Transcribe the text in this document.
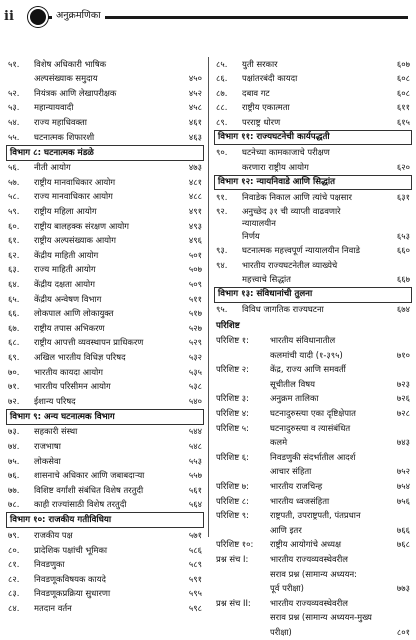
ii	अनुक्रमणिका
५१.	विशेष अधिकारी भाषिक
अल्पसंख्याक समुदाय	४५०
५२.	नियंत्रक आणि लेखापरीक्षक	४५२
५३.	महान्यायवादी	४५८
५४.	राज्य महाधिवक्ता	४६१
५५.	घटनात्मक शिफारशी	४६३
विभाग ८: घटनात्मक मंडळे
५६.	नीती आयोग	४७३
५७.	राष्ट्रीय मानवाधिकार आयोग	४८१
५८.	राज्य मानवाधिकार आयोग	४८८
५९.	राष्ट्रीय महिला आयोग	४९१
६०.	राष्ट्रीय बालहक्क संरक्षण आयोग	४९३
६१.	राष्ट्रीय अल्पसंख्याक आयोग	४९६
६२.	केंद्रीय माहिती आयोग	५०१
६३.	राज्य माहिती आयोग	५०७
६४.	केंद्रीय दक्षता आयोग	५०९
६५.	केंद्रीय अन्वेषण विभाग	५११
६६.	लोकपाल आणि लोकायुक्त	५१७
६७.	राष्ट्रीय तपास अभिकरण	५२७
६८.	राष्ट्रीय आपत्ती व्यवस्थापन प्राधिकरण	५२९
६९.	अखिल भारतीय विधिज्ञ परिषद	५३२
७०.	भारतीय कायदा आयोग	५३५
७१.	भारतीय परिसीमन आयोग	५३८
७२.	ईशान्य परिषद	५४०
विभाग ९: अन्य घटनात्मक विभाग
७३.	सहकारी संस्था	५४४
७४.	राजभाषा	५४८
७५.	लोकसेवा	५५३
७६.	शासनाचे अधिकार आणि जबाबदाऱ्या	५५७
७७.	विशिष्ट वर्गांशी संबंधित विशेष तरतुदी	५६१
७८.	काही राज्यांसाठी विशेष तरतुदी	५६४
विभाग १०: राजकीय गतीविधिया
७९.	राजकीय पक्ष	५७१
८०.	प्रादेशिक पक्षांची भूमिका	५८६
८१.	निवडणुका	५८९
८२.	निवडणूकविषयक कायदे	५९१
८३.	निवडणूकप्रक्रिया सुधारणा	५९५
८४.	मतदान वर्तन	५९८
८५.	युती सरकार	६०७
८६.	पक्षांतरबंदी कायदा	६०८
८७.	दबाव गट	६०८
८८.	राष्ट्रीय एकात्मता	६११
८९.	परराष्ट्र धोरण	६१५
विभाग ११: राज्यघटनेची कार्यपद्धती
९०.	घटनेच्या कामकाजाचे परीक्षण
करणारा राष्ट्रीय आयोग	६२०
विभाग १२: न्यायनिवाडे आणि सिद्धांत
९१.	निवाडेक निकाल आणि त्यांचे पक्षसार	६३१
९२.	अनुच्छेद ३१ ची व्याप्ती वाढवणारे न्यायालयीन
निर्णय	६५३
९३.	घटनात्मक महत्त्वपूर्ण न्यायालयीन निवाडे	६६०
९४.	भारतीय राज्यघटनेतील व्याख्येचे
महत्त्वाचे सिद्धांत	६६७
विभाग १३: संविधानांची तुलना
९५.	विविध जागतिक राज्यघटना	६७४
परिशिष्ट
परिशिष्ट १:	भारतीय संविधानातील
कलमांची यादी (१-३९५)	७१०
परिशिष्ट २:	केंद्र, राज्य आणि समवर्ती
सूचीतील विषय	७२३
परिशिष्ट ३:	अनुक्रम तालिका	७२६
परिशिष्ट ४:	घटनादुरुस्त्या एका दृष्टिक्षेपात	७२८
परिशिष्ट ५:	घटनादुरुस्त्या व त्यासंबंधित
कलमे	७४३
परिशिष्ट ६:	निवडणुकी संदर्भातील आदर्श
आचार संहिता	७५२
परिशिष्ट ७:	भारतीय राजचिन्ह	७५४
परिशिष्ट ८:	भारतीय ध्वजसंहिता	७५६
परिशिष्ट ९:	राष्ट्रपती, उपराष्ट्रपती, पंतप्रधान
आणि इतर	७६६
परिशिष्ट १०:	राष्ट्रीय आयोगांचे अध्यक्ष	७६८
प्रश्न संच I:	भारतीय राज्यव्यवस्थेवरील
सराव प्रश्न (सामान्य अध्ययन:
पूर्व परीक्षा)	७७३
प्रश्न संच II:	भारतीय राज्यव्यवस्थेवरील
सराव प्रश्न (सामान्य अध्ययन-मुख्य
परीक्षा)	८०१
